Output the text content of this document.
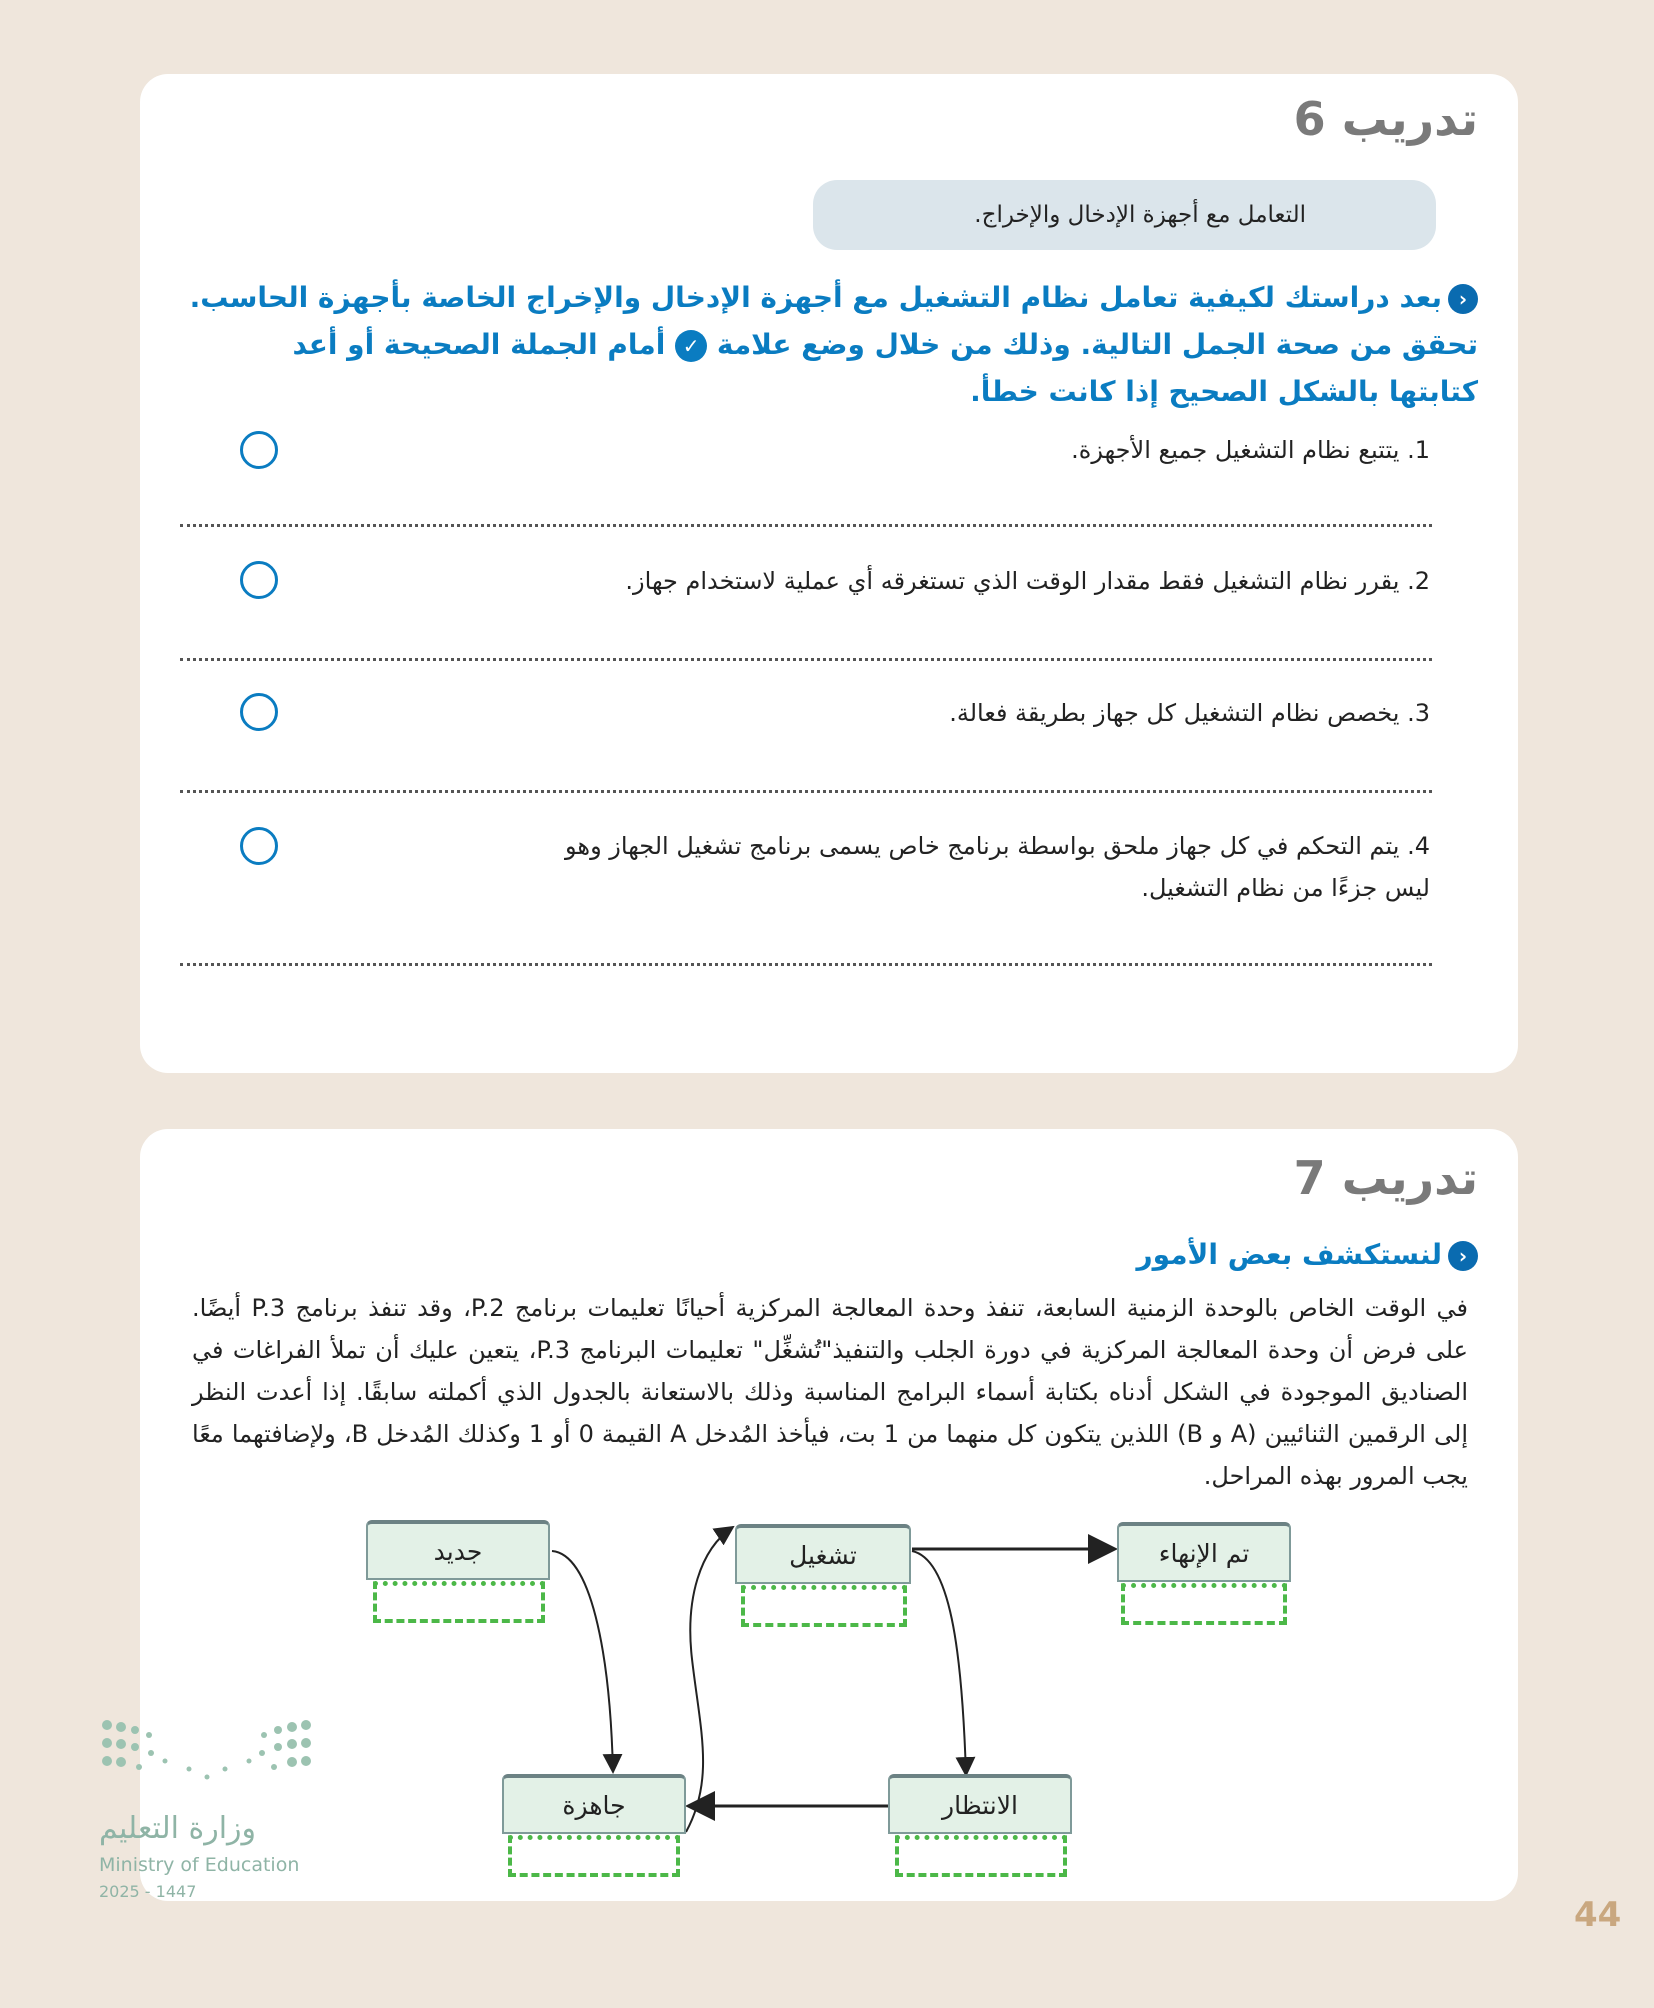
تدريب 6
التعامل مع أجهزة الإدخال والإخراج.
‹بعد دراستك لكيفية تعامل نظام التشغيل مع أجهزة الإدخال والإخراج الخاصة بأجهزة الحاسب.
تحقق من صحة الجمل التالية. وذلك من خلال وضع علامة ✓ أمام الجملة الصحيحة أو أعد
كتابتها بالشكل الصحيح إذا كانت خطأ.
1. يتتبع نظام التشغيل جميع الأجهزة.
2. يقرر نظام التشغيل فقط مقدار الوقت الذي تستغرقه أي عملية لاستخدام جهاز.
3. يخصص نظام التشغيل كل جهاز بطريقة فعالة.
4. يتم التحكم في كل جهاز ملحق بواسطة برنامج خاص يسمى برنامج تشغيل الجهاز وهو ليس جزءًا من نظام التشغيل.
تدريب 7
‹لنستكشف بعض الأمور
في الوقت الخاص بالوحدة الزمنية السابعة، تنفذ وحدة المعالجة المركزية أحيانًا تعليمات برنامج P.2، وقد تنفذ برنامج P.3 أيضًا. على فرض أن وحدة المعالجة المركزية في دورة الجلب والتنفيذ"تُشغِّل" تعليمات البرنامج P.3، يتعين عليك أن تملأ الفراغات في الصناديق الموجودة في الشكل أدناه بكتابة أسماء البرامج المناسبة وذلك بالاستعانة بالجدول الذي أكملته سابقًا. إذا أعدت النظر إلى الرقمين الثنائيين (A و B) اللذين يتكون كل منهما من 1 بت، فيأخذ المُدخل A القيمة 0 أو 1 وكذلك المُدخل B، ولإضافتهما معًا يجب المرور بهذه المراحل.
جديد	تشغيل	تم الإنهاء
جاهزة	الانتظار
وزارة التعليم
Ministry of Education
2025 - 1447
44
